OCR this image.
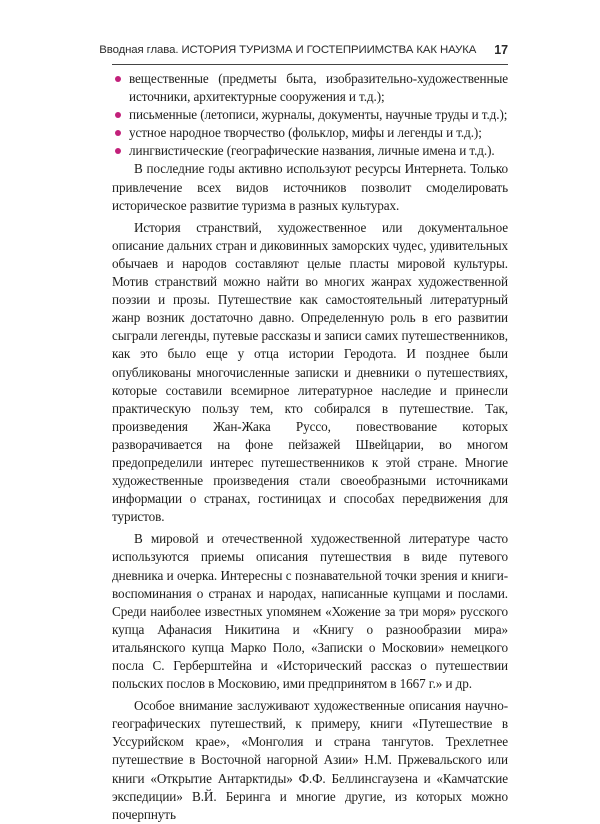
Вводная глава. ИСТОРИЯ ТУРИЗМА И ГОСТЕПРИИМСТВА КАК НАУКА 17
вещественные (предметы быта, изобразительно-художественные источники, архитектурные сооружения и т.д.);
письменные (летописи, журналы, документы, научные труды и т.д.);
устное народное творчество (фольклор, мифы и легенды и т.д.);
лингвистические (географические названия, личные имена и т.д.).

В последние годы активно используют ресурсы Интернета. Только привлечение всех видов источников позволит смоделировать историческое развитие туризма в разных культурах.

История странствий, художественное или документальное описание дальних стран и диковинных заморских чудес, удивительных обычаев и народов составляют целые пласты мировой культуры. Мотив странствий можно найти во многих жанрах художественной поэзии и прозы. Путешествие как самостоятельный литературный жанр возник достаточно давно. Определенную роль в его развитии сыграли легенды, путевые рассказы и записи самих путешественников, как это было еще у отца истории Геродота. И позднее были опубликованы многочисленные записки и дневники о путешествиях, которые составили всемирное литературное наследие и принесли практическую пользу тем, кто собирался в путешествие. Так, произведения Жан-Жака Руссо, повествование которых разворачивается на фоне пейзажей Швейцарии, во многом предопределили интерес путешественников к этой стране. Многие художественные произведения стали своеобразными источниками информации о странах, гостиницах и способах передвижения для туристов.

В мировой и отечественной художественной литературе часто используются приемы описания путешествия в виде путевого дневника и очерка. Интересны с познавательной точки зрения и книги-воспоминания о странах и народах, написанные купцами и послами. Среди наиболее известных упомянем «Хожение за три моря» русского купца Афанасия Никитина и «Книгу о разнообразии мира» итальянского купца Марко Поло, «Записки о Московии» немецкого посла С. Герберштейна и «Исторический рассказ о путешествии польских послов в Московию, ими предпринятом в 1667 г.» и др.

Особое внимание заслуживают художественные описания научно-географических путешествий, к примеру, книги «Путешествие в Уссурийском крае», «Монголия и страна тангутов. Трехлетнее путешествие в Восточной нагорной Азии» Н.М. Пржевальского или книги «Открытие Антарктиды» Ф.Ф. Беллинсгаузена и «Камчатские экспедиции» В.Й. Беринга и многие другие, из которых можно почерпнуть
